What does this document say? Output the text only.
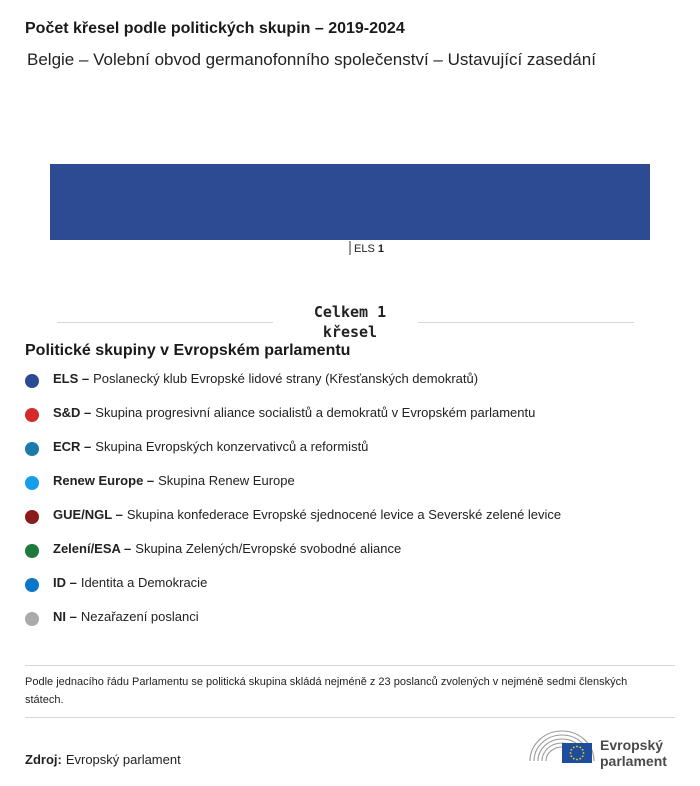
Počet křesel podle politických skupin – 2019-2024
Belgie – Volební obvod germanofonního společenství – Ustavující zasedání
ELS 1
Celkem 1
křesel
Politické skupiny v Evropském parlamentu
ELS – Poslanecký klub Evropské lidové strany (Křesťanských demokratů)
S&D – Skupina progresivní aliance socialistů a demokratů v Evropském parlamentu
ECR – Skupina Evropských konzervativců a reformistů
Renew Europe – Skupina Renew Europe
GUE/NGL – Skupina konfederace Evropské sjednocené levice a Severské zelené levice
Zelení/ESA – Skupina Zelených/Evropské svobodné aliance
ID – Identita a Demokracie
NI – Nezařazení poslanci
Podle jednacího řádu Parlamentu se politická skupina skládá nejméně z 23 poslanců zvolených v nejméně sedmi členských státech.
Zdroj: Evropský parlament
Evropský
parlament
